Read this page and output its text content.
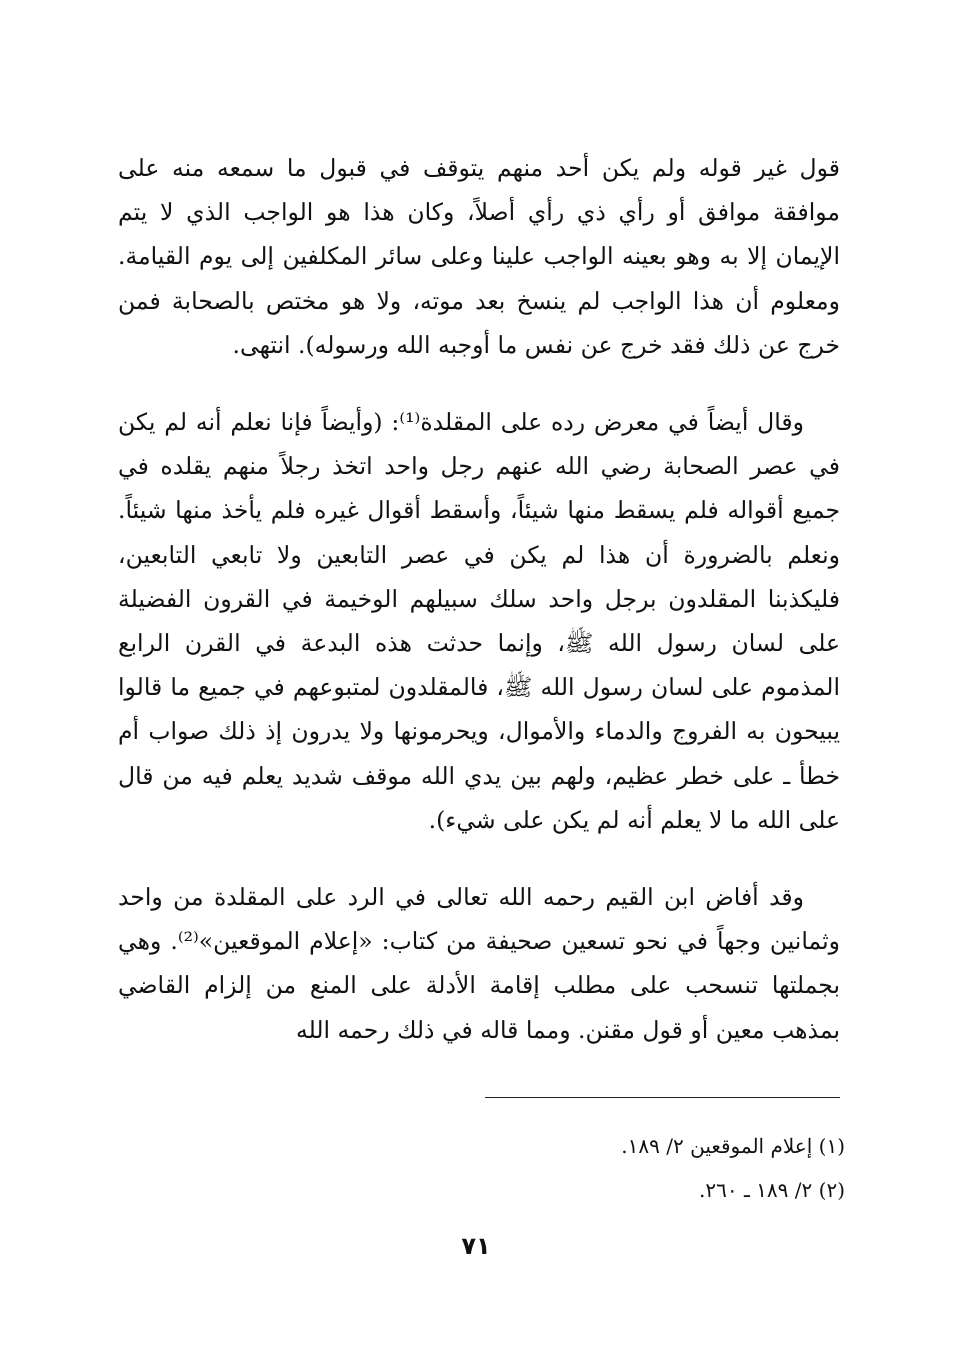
قول غير قوله ولم يكن أحد منهم يتوقف في قبول ما سمعه منه على موافقة موافق أو رأي ذي رأي أصلاً، وكان هذا هو الواجب الذي لا يتم الإيمان إلا به وهو بعينه الواجب علينا وعلى سائر المكلفين إلى يوم القيامة. ومعلوم أن هذا الواجب لم ينسخ بعد موته، ولا هو مختص بالصحابة فمن خرج عن ذلك فقد خرج عن نفس ما أوجبه الله ورسوله). انتهى.

وقال أيضاً في معرض رده على المقلدة⁽¹⁾: (وأيضاً فإنا نعلم أنه لم يكن في عصر الصحابة رضي الله عنهم رجل واحد اتخذ رجلاً منهم يقلده في جميع أقواله فلم يسقط منها شيئاً، وأسقط أقوال غيره فلم يأخذ منها شيئاً. ونعلم بالضرورة أن هذا لم يكن في عصر التابعين ولا تابعي التابعين، فليكذبنا المقلدون برجل واحد سلك سبيلهم الوخيمة في القرون الفضيلة على لسان رسول الله ﷺ، وإنما حدثت هذه البدعة في القرن الرابع المذموم على لسان رسول الله ﷺ، فالمقلدون لمتبوعهم في جميع ما قالوا يبيحون به الفروج والدماء والأموال، ويحرمونها ولا يدرون إذ ذلك صواب أم خطأ ـ على خطر عظيم، ولهم بين يدي الله موقف شديد يعلم فيه من قال على الله ما لا يعلم أنه لم يكن على شيء).

وقد أفاض ابن القيم رحمه الله تعالى في الرد على المقلدة من واحد وثمانين وجهاً في نحو تسعين صحيفة من كتاب: «إعلام الموقعين»⁽²⁾. وهي بجملتها تنسحب على مطلب إقامة الأدلة على المنع من إلزام القاضي بمذهب معين أو قول مقنن. ومما قاله في ذلك رحمه الله

(١) إعلام الموقعين ٢/ ١٨٩.

(٢) ٢/ ١٨٩ ـ ٢٦٠.

٧١
